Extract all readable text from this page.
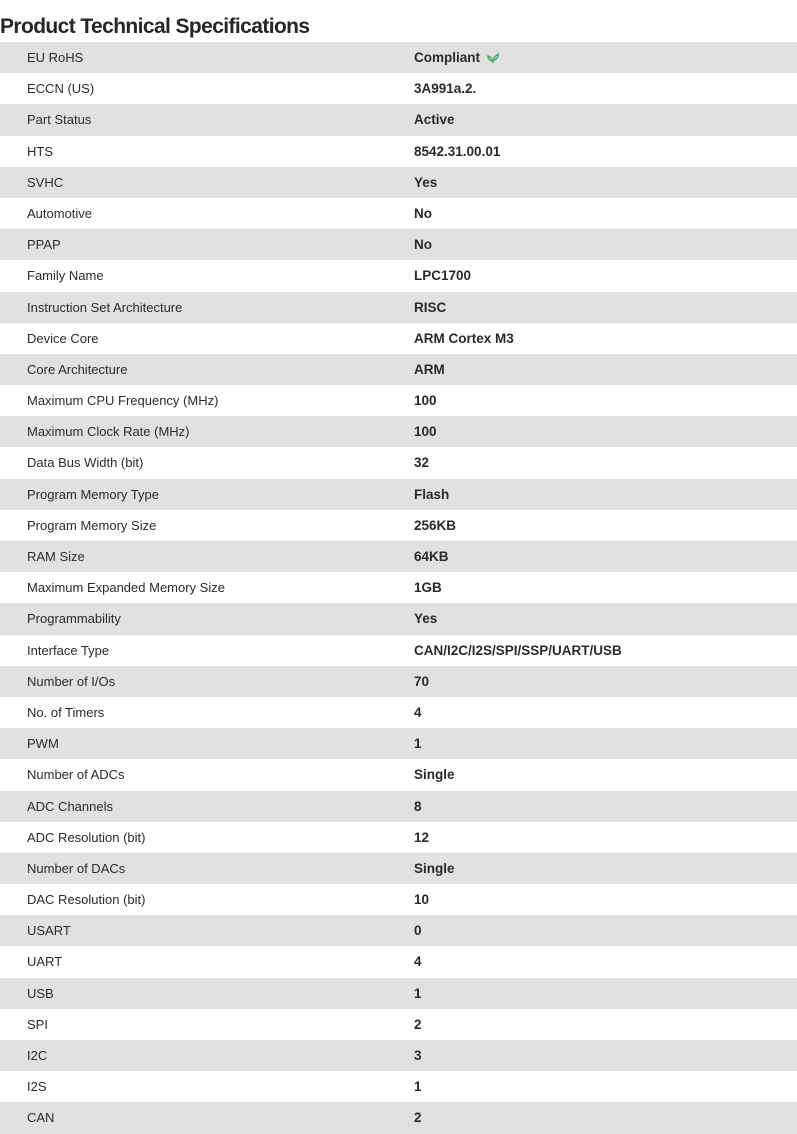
Product Technical Specifications
EU RoHS	Compliant
ECCN (US)	3A991a.2.
Part Status	Active
HTS	8542.31.00.01
SVHC	Yes
Automotive	No
PPAP	No
Family Name	LPC1700
Instruction Set Architecture	RISC
Device Core	ARM Cortex M3
Core Architecture	ARM
Maximum CPU Frequency (MHz)	100
Maximum Clock Rate (MHz)	100
Data Bus Width (bit)	32
Program Memory Type	Flash
Program Memory Size	256KB
RAM Size	64KB
Maximum Expanded Memory Size	1GB
Programmability	Yes
Interface Type	CAN/I2C/I2S/SPI/SSP/UART/USB
Number of I/Os	70
No. of Timers	4
PWM	1
Number of ADCs	Single
ADC Channels	8
ADC Resolution (bit)	12
Number of DACs	Single
DAC Resolution (bit)	10
USART	0
UART	4
USB	1
SPI	2
I2C	3
I2S	1
CAN	2
